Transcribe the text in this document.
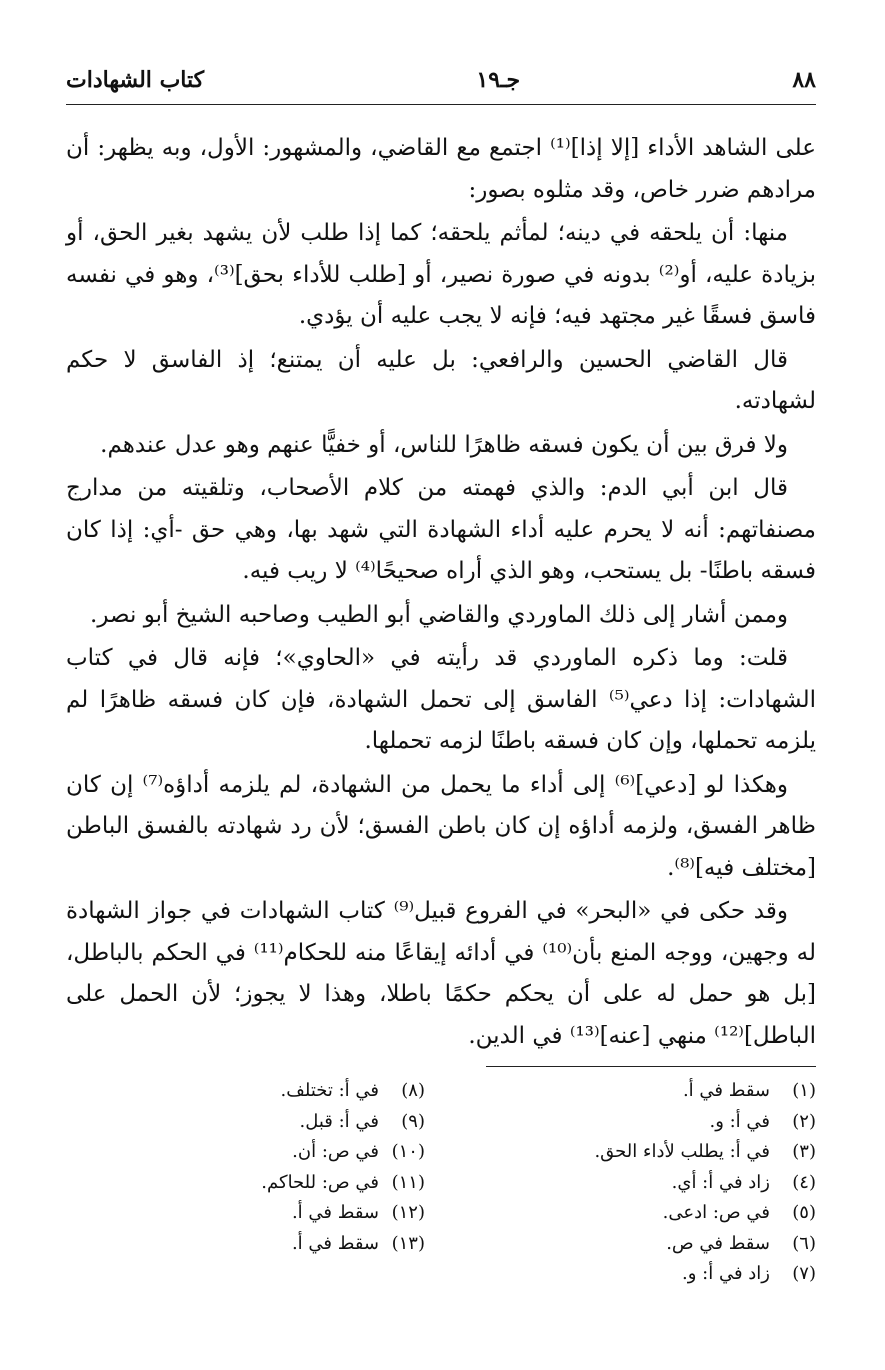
٨٨
جـ١٩
كتاب الشهادات

على الشاهد الأداء [إلا إذا]⁽¹⁾ اجتمع مع القاضي، والمشهور: الأول، وبه يظهر: أن مرادهم ضرر خاص، وقد مثلوه بصور:

منها: أن يلحقه في دينه؛ لمأثم يلحقه؛ كما إذا طلب لأن يشهد بغير الحق، أو بزيادة عليه، أو⁽²⁾ بدونه في صورة نصير، أو [طلب للأداء بحق]⁽³⁾، وهو في نفسه فاسق فسقًا غير مجتهد فيه؛ فإنه لا يجب عليه أن يؤدي.

قال القاضي الحسين والرافعي: بل عليه أن يمتنع؛ إذ الفاسق لا حكم لشهادته.

ولا فرق بين أن يكون فسقه ظاهرًا للناس، أو خفيًّا عنهم وهو عدل عندهم.

قال ابن أبي الدم: والذي فهمته من كلام الأصحاب، وتلقيته من مدارج مصنفاتهم: أنه لا يحرم عليه أداء الشهادة التي شهد بها، وهي حق -أي: إذا كان فسقه باطنًا- بل يستحب، وهو الذي أراه صحيحًا⁽⁴⁾ لا ريب فيه.

وممن أشار إلى ذلك الماوردي والقاضي أبو الطيب وصاحبه الشيخ أبو نصر.

قلت: وما ذكره الماوردي قد رأيته في «الحاوي»؛ فإنه قال في كتاب الشهادات: إذا دعي⁽⁵⁾ الفاسق إلى تحمل الشهادة، فإن كان فسقه ظاهرًا لم يلزمه تحملها، وإن كان فسقه باطنًا لزمه تحملها.

وهكذا لو [دعي]⁽⁶⁾ إلى أداء ما يحمل من الشهادة، لم يلزمه أداؤه⁽⁷⁾ إن كان ظاهر الفسق، ولزمه أداؤه إن كان باطن الفسق؛ لأن رد شهادته بالفسق الباطن [مختلف فيه]⁽⁸⁾.

وقد حكى في «البحر» في الفروع قبيل⁽⁹⁾ كتاب الشهادات في جواز الشهادة له وجهين، ووجه المنع بأن⁽¹⁰⁾ في أدائه إيقاعًا منه للحكام⁽¹¹⁾ في الحكم بالباطل، [بل هو حمل له على أن يحكم حكمًا باطلا، وهذا لا يجوز؛ لأن الحمل على الباطل]⁽¹²⁾ منهي [عنه]⁽¹³⁾ في الدين.

(١)سقط في أ.
(٢)في أ: و.
(٣)في أ: يطلب لأداء الحق.
(٤)زاد في أ: أي.
(٥)في ص: ادعى.
(٦)سقط في ص.
(٧)زاد في أ: و.
(٨)في أ: تختلف.
(٩)في أ: قبل.
(١٠)في ص: أن.
(١١)في ص: للحاكم.
(١٢)سقط في أ.
(١٣)سقط في أ.
